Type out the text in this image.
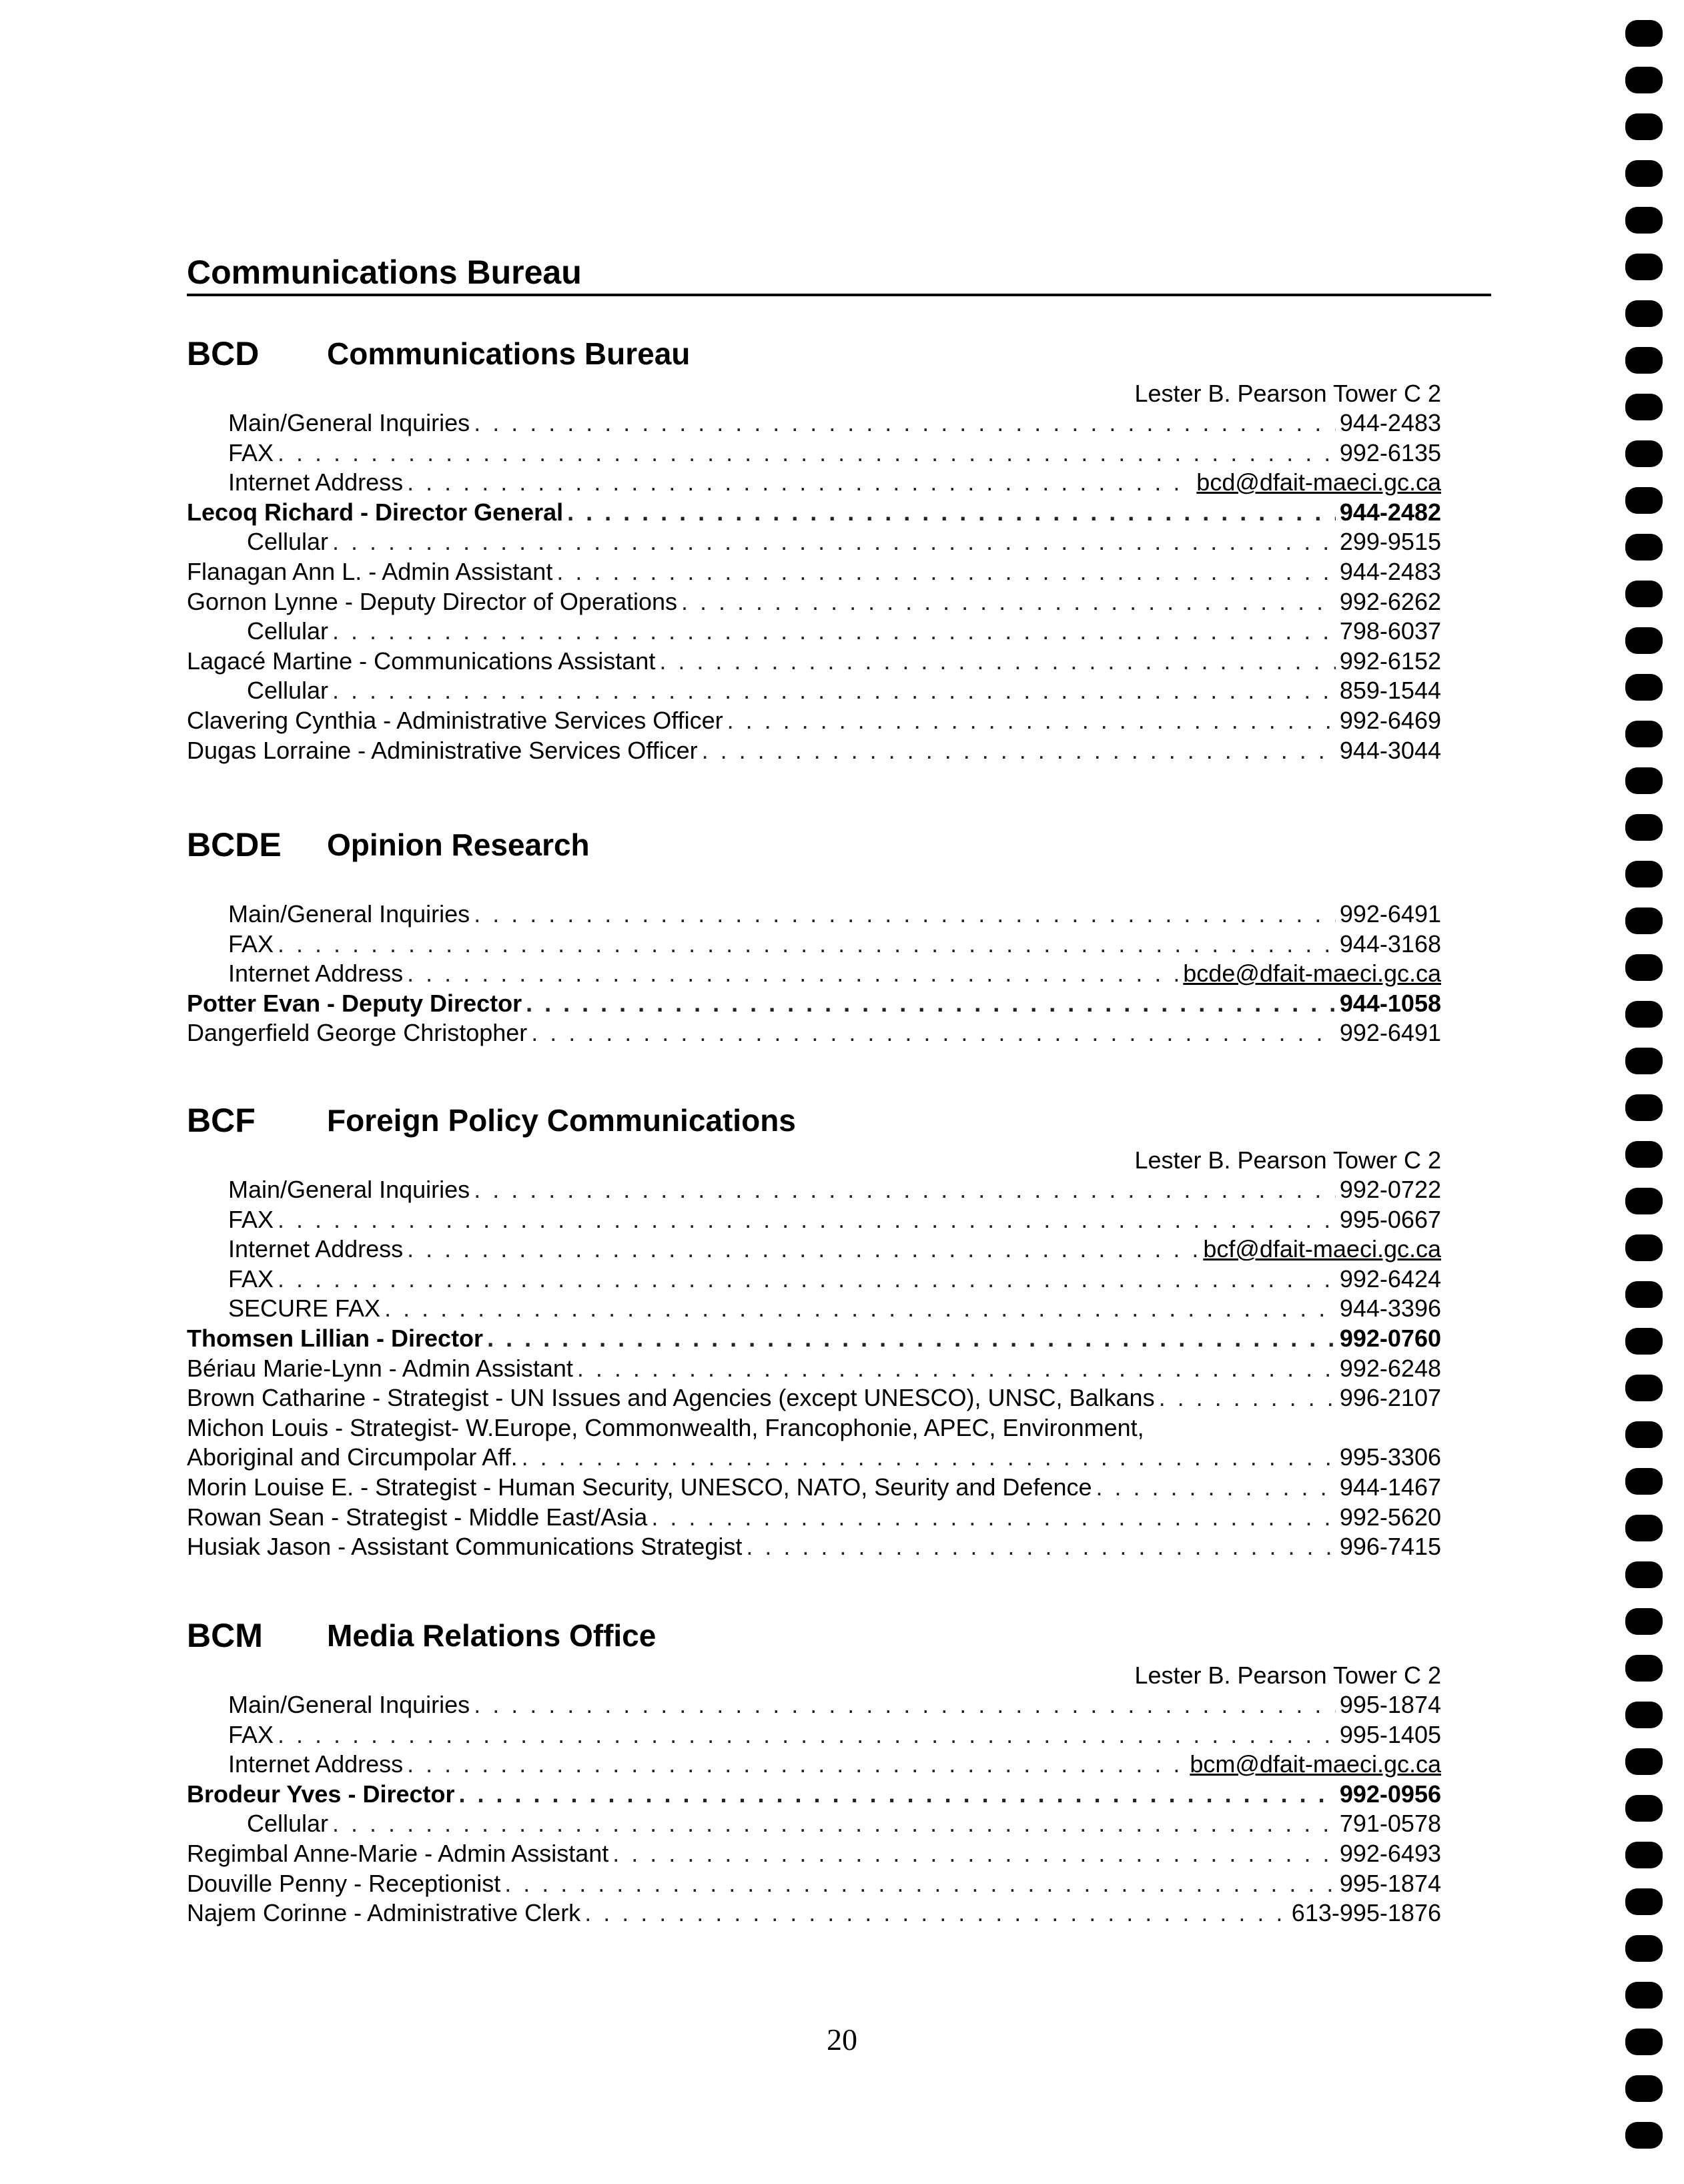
Communications Bureau
BCD Communications Bureau
Lester B. Pearson Tower C 2
Main/General Inquiries . . .	944-2483
FAX . . .	992-6135
Internet Address . . .	bcd@dfait-maeci.gc.ca
Lecoq Richard - Director General . . .	944-2482
Cellular . . .	299-9515
Flanagan Ann L. - Admin Assistant . . .	944-2483
Gornon Lynne - Deputy Director of Operations . . .	992-6262
Cellular . . .	798-6037
Lagacé Martine - Communications Assistant . . .	992-6152
Cellular . . .	859-1544
Clavering Cynthia - Administrative Services Officer . . .	992-6469
Dugas Lorraine - Administrative Services Officer . . .	944-3044
BCDE Opinion Research
Main/General Inquiries . . .	992-6491
FAX . . .	944-3168
Internet Address . . .	bcde@dfait-maeci.gc.ca
Potter Evan - Deputy Director . . .	944-1058
Dangerfield George Christopher . . .	992-6491
BCF Foreign Policy Communications
Lester B. Pearson Tower C 2
Main/General Inquiries . . .	992-0722
FAX . . .	995-0667
Internet Address . . .	bcf@dfait-maeci.gc.ca
FAX . . .	992-6424
SECURE FAX . . .	944-3396
Thomsen Lillian - Director . . .	992-0760
Bériau Marie-Lynn - Admin Assistant . . .	992-6248
Brown Catharine - Strategist - UN Issues and Agencies (except UNESCO), UNSC, Balkans . . .	996-2107
Michon Louis - Strategist- W.Europe, Commonwealth, Francophonie, APEC, Environment,
Aboriginal and Circumpolar Aff. . . .	995-3306
Morin Louise E. - Strategist - Human Security, UNESCO, NATO, Seurity and Defence . . .	944-1467
Rowan Sean - Strategist - Middle East/Asia . . .	992-5620
Husiak Jason - Assistant Communications Strategist . . .	996-7415
BCM Media Relations Office
Lester B. Pearson Tower C 2
Main/General Inquiries . . .	995-1874
FAX . . .	995-1405
Internet Address . . .	bcm@dfait-maeci.gc.ca
Brodeur Yves - Director . . .	992-0956
Cellular . . .	791-0578
Regimbal Anne-Marie - Admin Assistant . . .	992-6493
Douville Penny - Receptionist . . .	995-1874
Najem Corinne - Administrative Clerk . . .	613-995-1876
20
